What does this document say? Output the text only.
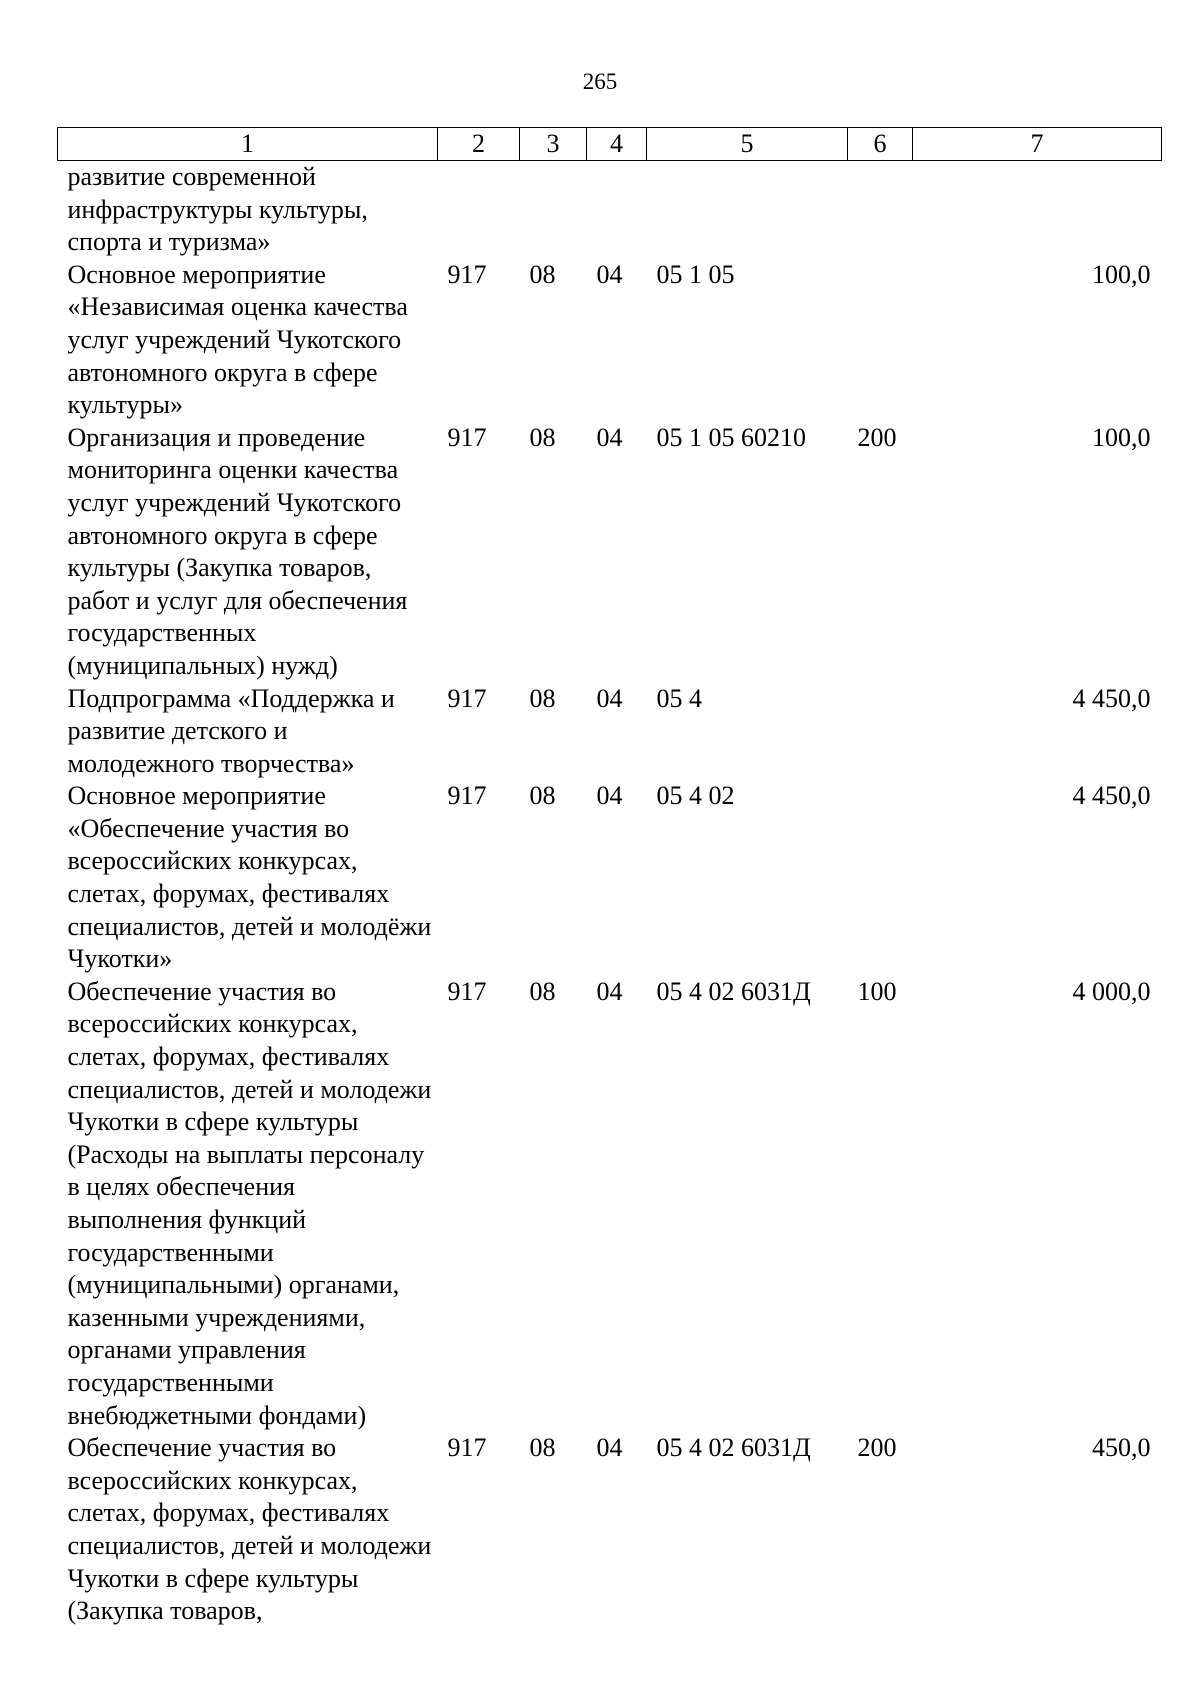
265
1	2	3	4	5	6	7
развитие современной инфраструктуры культуры, спорта и туризма»						
Основное мероприятие «Независимая оценка качества услуг учреждений Чукотского автономного округа в сфере культуры»	917	08	04	05 1 05		100,0
Организация и проведение мониторинга оценки качества услуг учреждений Чукотского автономного округа в сфере культуры (Закупка товаров, работ и услуг для обеспечения государственных (муниципальных) нужд)	917	08	04	05 1 05 60210	200	100,0
Подпрограмма «Поддержка и развитие детского и молодежного творчества»	917	08	04	05 4		4 450,0
Основное мероприятие «Обеспечение участия во всероссийских конкурсах, слетах, форумах, фестивалях специалистов, детей и молодёжи Чукотки»	917	08	04	05 4 02		4 450,0
Обеспечение участия во всероссийских конкурсах, слетах, форумах, фестивалях специалистов, детей и молодежи Чукотки в сфере культуры (Расходы на выплаты персоналу в целях обеспечения выполнения функций государственными (муниципальными) органами, казенными учреждениями, органами управления государственными внебюджетными фондами)	917	08	04	05 4 02 6031Д	100	4 000,0
Обеспечение участия во всероссийских конкурсах, слетах, форумах, фестивалях специалистов, детей и молодежи Чукотки в сфере культуры (Закупка товаров,	917	08	04	05 4 02 6031Д	200	450,0
